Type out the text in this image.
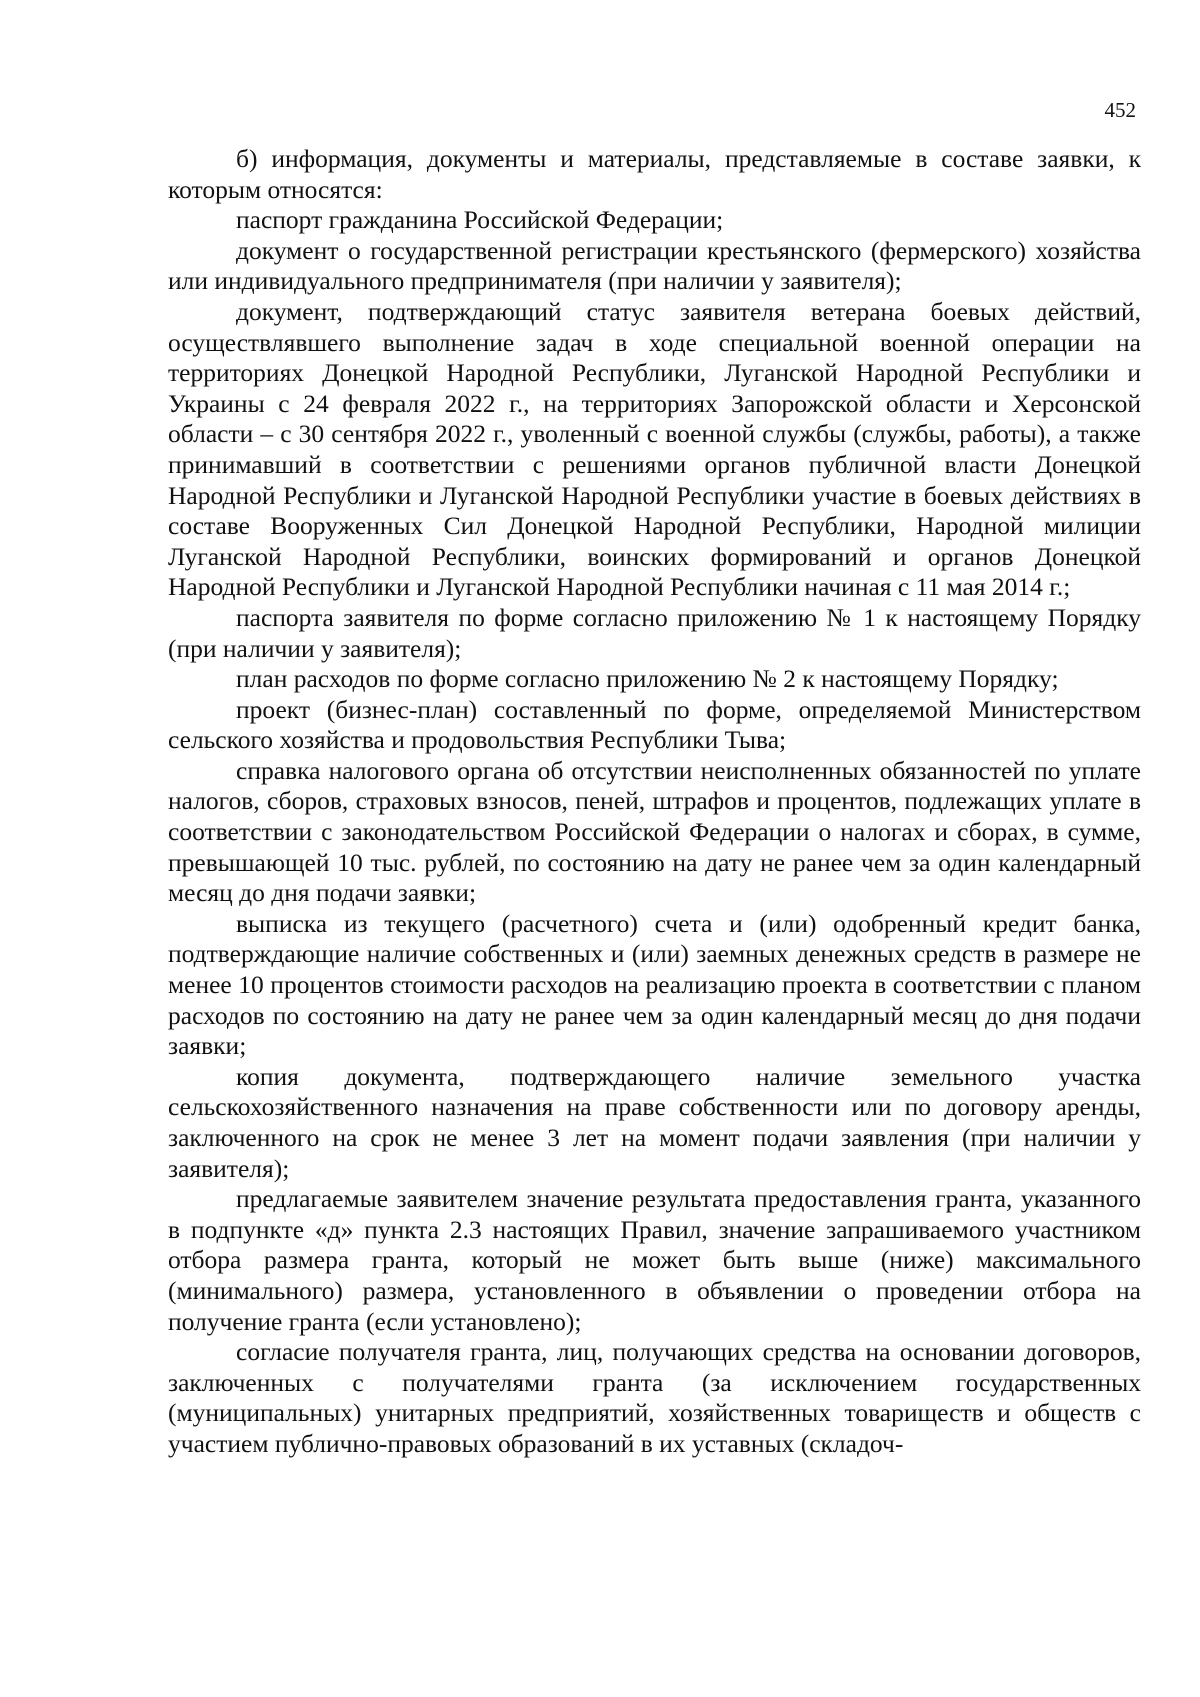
452

б) информация, документы и материалы, представляемые в составе заявки, к которым относятся:

паспорт гражданина Российской Федерации;

документ о государственной регистрации крестьянского (фермерского) хозяйства или индивидуального предпринимателя (при наличии у заявителя);

документ, подтверждающий статус заявителя ветерана боевых действий, осуществлявшего выполнение задач в ходе специальной военной операции на территориях Донецкой Народной Республики, Луганской Народной Республики и Украины с 24 февраля 2022 г., на территориях Запорожской области и Херсонской области – с 30 сентября 2022 г., уволенный с военной службы (службы, работы), а также принимавший в соответствии с решениями органов публичной власти Донецкой Народной Республики и Луганской Народной Республики участие в боевых действиях в составе Вооруженных Сил Донецкой Народной Республики, Народной милиции Луганской Народной Республики, воинских формирований и органов Донецкой Народной Республики и Луганской Народной Республики начиная с 11 мая 2014 г.;

паспорта заявителя по форме согласно приложению № 1 к настоящему Порядку (при наличии у заявителя);

план расходов по форме согласно приложению № 2 к настоящему Порядку;

проект (бизнес-план) составленный по форме, определяемой Министерством сельского хозяйства и продовольствия Республики Тыва;

справка налогового органа об отсутствии неисполненных обязанностей по уплате налогов, сборов, страховых взносов, пеней, штрафов и процентов, подлежащих уплате в соответствии с законодательством Российской Федерации о налогах и сборах, в сумме, превышающей 10 тыс. рублей, по состоянию на дату не ранее чем за один календарный месяц до дня подачи заявки;

выписка из текущего (расчетного) счета и (или) одобренный кредит банка, подтверждающие наличие собственных и (или) заемных денежных средств в размере не менее 10 процентов стоимости расходов на реализацию проекта в соответствии с планом расходов по состоянию на дату не ранее чем за один календарный месяц до дня подачи заявки;

копия документа, подтверждающего наличие земельного участка сельскохозяйственного назначения на праве собственности или по договору аренды, заключенного на срок не менее 3 лет на момент подачи заявления (при наличии у заявителя);

предлагаемые заявителем значение результата предоставления гранта, указанного в подпункте «д» пункта 2.3 настоящих Правил, значение запрашиваемого участником отбора размера гранта, который не может быть выше (ниже) максимального (минимального) размера, установленного в объявлении о проведении отбора на получение гранта (если установлено);

согласие получателя гранта, лиц, получающих средства на основании договоров, заключенных с получателями гранта (за исключением государственных (муниципальных) унитарных предприятий, хозяйственных товариществ и обществ с участием публично-правовых образований в их уставных (складоч-
